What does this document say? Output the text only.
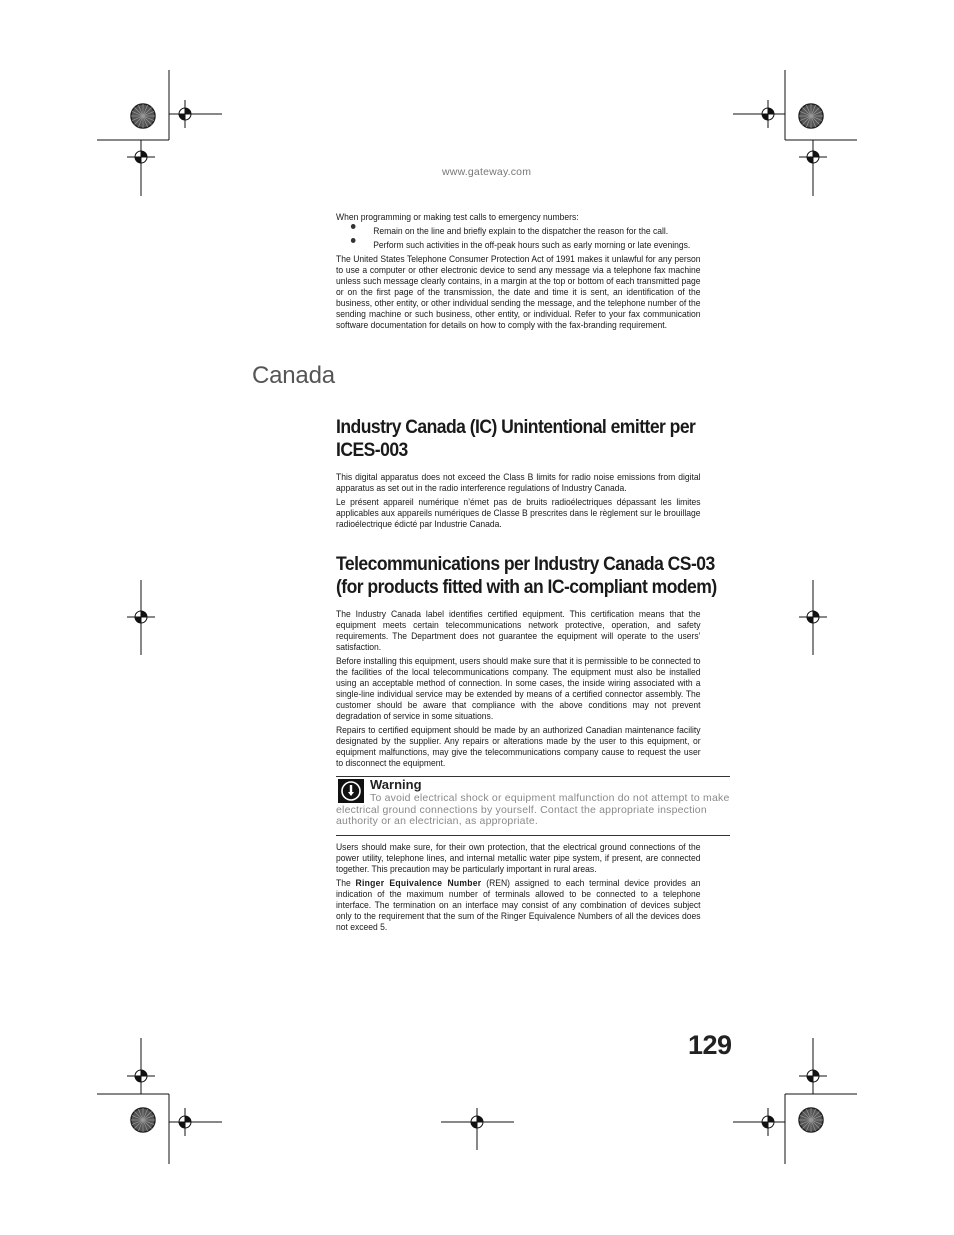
www.gateway.com

When programming or making test calls to emergency numbers:

Remain on the line and briefly explain to the dispatcher the reason for the call.
Perform such activities in the off-peak hours such as early morning or late evenings.

The United States Telephone Consumer Protection Act of 1991 makes it unlawful for any person to use a computer or other electronic device to send any message via a telephone fax machine unless such message clearly contains, in a margin at the top or bottom of each transmitted page or on the first page of the transmission, the date and time it is sent, an identification of the business, other entity, or other individual sending the message, and the telephone number of the sending machine or such business, other entity, or individual. Refer to your fax communication software documentation for details on how to comply with the fax-branding requirement.

Canada
Industry Canada (IC) Unintentional emitter per ICES-003

This digital apparatus does not exceed the Class B limits for radio noise emissions from digital apparatus as set out in the radio interference regulations of Industry Canada.

Le présent appareil numérique n’émet pas de bruits radioélectriques dépassant les limites applicables aux appareils numériques de Classe B prescrites dans le règlement sur le brouillage radioélectrique édicté par Industrie Canada.

Telecommunications per Industry Canada CS-03 (for products fitted with an IC-compliant modem)

The Industry Canada label identifies certified equipment. This certification means that the equipment meets certain telecommunications network protective, operation, and safety requirements. The Department does not guarantee the equipment will operate to the users’ satisfaction.

Before installing this equipment, users should make sure that it is permissible to be connected to the facilities of the local telecommunications company. The equipment must also be installed using an acceptable method of connection. In some cases, the inside wiring associated with a single-line individual service may be extended by means of a certified connector assembly. The customer should be aware that compliance with the above conditions may not prevent degradation of service in some situations.

Repairs to certified equipment should be made by an authorized Canadian maintenance facility designated by the supplier. Any repairs or alterations made by the user to this equipment, or equipment malfunctions, may give the telecommunications company cause to request the user to disconnect the equipment.

Warning
To avoid electrical shock or equipment malfunction do not attempt to make electrical ground connections by yourself. Contact the appropriate inspection authority or an electrician, as appropriate.

Users should make sure, for their own protection, that the electrical ground connections of the power utility, telephone lines, and internal metallic water pipe system, if present, are connected together. This precaution may be particularly important in rural areas.

The Ringer Equivalence Number (REN) assigned to each terminal device provides an indication of the maximum number of terminals allowed to be connected to a telephone interface. The termination on an interface may consist of any combination of devices subject only to the requirement that the sum of the Ringer Equivalence Numbers of all the devices does not exceed 5.

129
